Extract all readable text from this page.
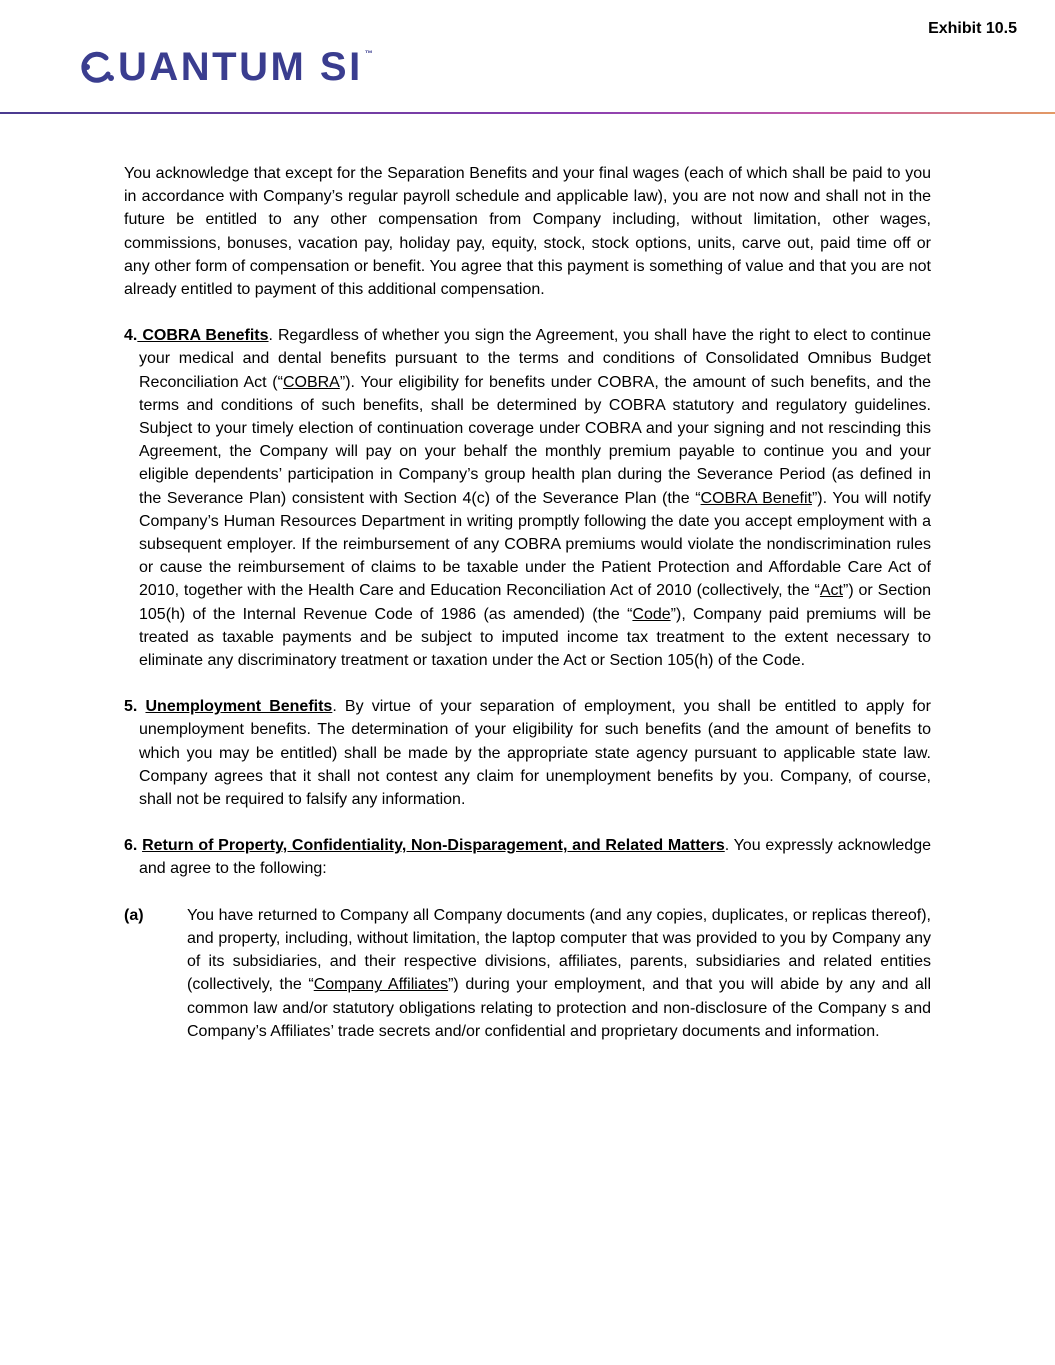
Exhibit 10.5
UANTUM SI ™

You acknowledge that except for the Separation Benefits and your final wages (each of which shall be paid to you in accordance with Company’s regular payroll schedule and applicable law), you are not now and shall not in the future be entitled to any other compensation from Company including, without limitation, other wages, commissions, bonuses, vacation pay, holiday pay, equity, stock, stock options, units, carve out, paid time off or any other form of compensation or benefit. You agree that this payment is something of value and that you are not already entitled to payment of this additional compensation.

4. COBRA Benefits. Regardless of whether you sign the Agreement, you shall have the right to elect to continue your medical and dental benefits pursuant to the terms and conditions of Consolidated Omnibus Budget Reconciliation Act (“COBRA”). Your eligibility for benefits under COBRA, the amount of such benefits, and the terms and conditions of such benefits, shall be determined by COBRA statutory and regulatory guidelines. Subject to your timely election of continuation coverage under COBRA and your signing and not rescinding this Agreement, the Company will pay on your behalf the monthly premium payable to continue you and your eligible dependents’ participation in Company’s group health plan during the Severance Period (as defined in the Severance Plan) consistent with Section 4(c) of the Severance Plan (the “COBRA Benefit”). You will notify Company’s Human Resources Department in writing promptly following the date you accept employment with a subsequent employer. If the reimbursement of any COBRA premiums would violate the nondiscrimination rules or cause the reimbursement of claims to be taxable under the Patient Protection and Affordable Care Act of 2010, together with the Health Care and Education Reconciliation Act of 2010 (collectively, the “Act”) or Section 105(h) of the Internal Revenue Code of 1986 (as amended) (the “Code”), Company paid premiums will be treated as taxable payments and be subject to imputed income tax treatment to the extent necessary to eliminate any discriminatory treatment or taxation under the Act or Section 105(h) of the Code.

5. Unemployment Benefits. By virtue of your separation of employment, you shall be entitled to apply for unemployment benefits. The determination of your eligibility for such benefits (and the amount of benefits to which you may be entitled) shall be made by the appropriate state agency pursuant to applicable state law. Company agrees that it shall not contest any claim for unemployment benefits by you. Company, of course, shall not be required to falsify any information.

6. Return of Property, Confidentiality, Non-Disparagement, and Related Matters. You expressly acknowledge and agree to the following:

(a)	You have returned to Company all Company documents (and any copies, duplicates, or replicas thereof), and property, including, without limitation, the laptop computer that was provided to you by Company any of its subsidiaries, and their respective divisions, affiliates, parents, subsidiaries and related entities (collectively, the “Company Affiliates”) during your employment, and that you will abide by any and all common law and/or statutory obligations relating to protection and non-disclosure of the Company s and Company’s Affiliates’ trade secrets and/or confidential and proprietary documents and information.
